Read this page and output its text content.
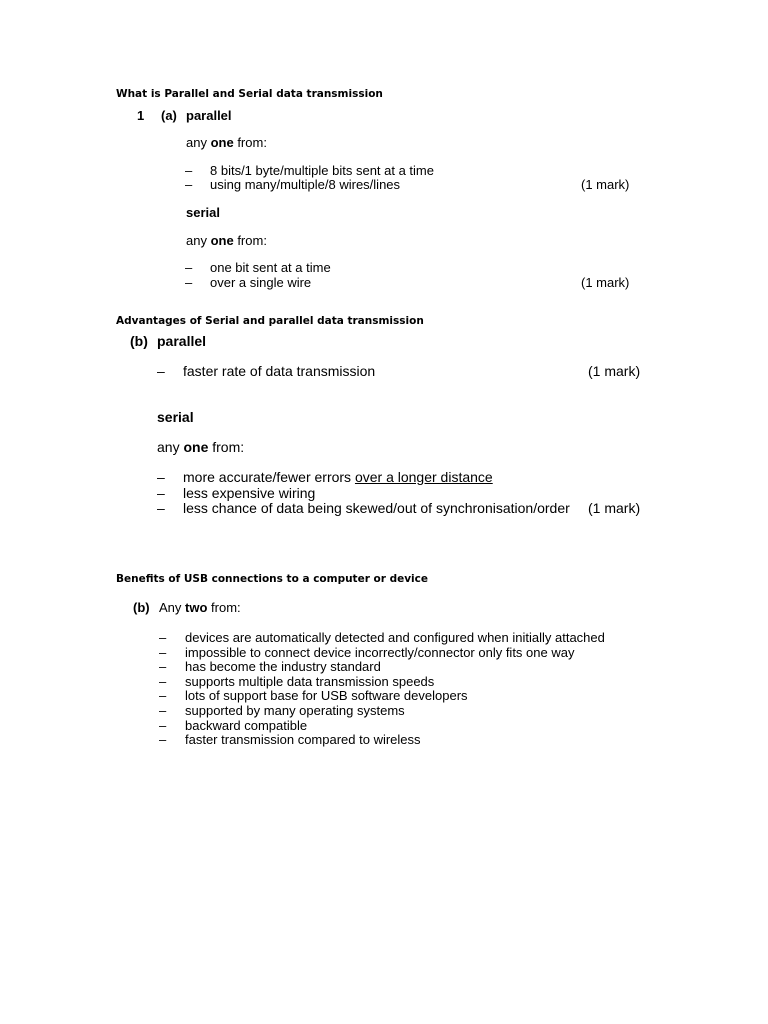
What is Parallel and Serial data transmission
1 (a) parallel
any one from:
– 8 bits/1 byte/multiple bits sent at a time
– using many/multiple/8 wires/lines	(1 mark)
serial
any one from:
– one bit sent at a time
– over a single wire	(1 mark)
Advantages of Serial and parallel data transmission
(b) parallel
– faster rate of data transmission	(1 mark)
serial
any one from:
– more accurate/fewer errors over a longer distance
– less expensive wiring
– less chance of data being skewed/out of synchronisation/order (1 mark)
Benefits of USB connections to a computer or device
(b) Any two from:
– devices are automatically detected and configured when initially attached
– impossible to connect device incorrectly/connector only fits one way
– has become the industry standard
– supports multiple data transmission speeds
– lots of support base for USB software developers
– supported by many operating systems
– backward compatible
– faster transmission compared to wireless
